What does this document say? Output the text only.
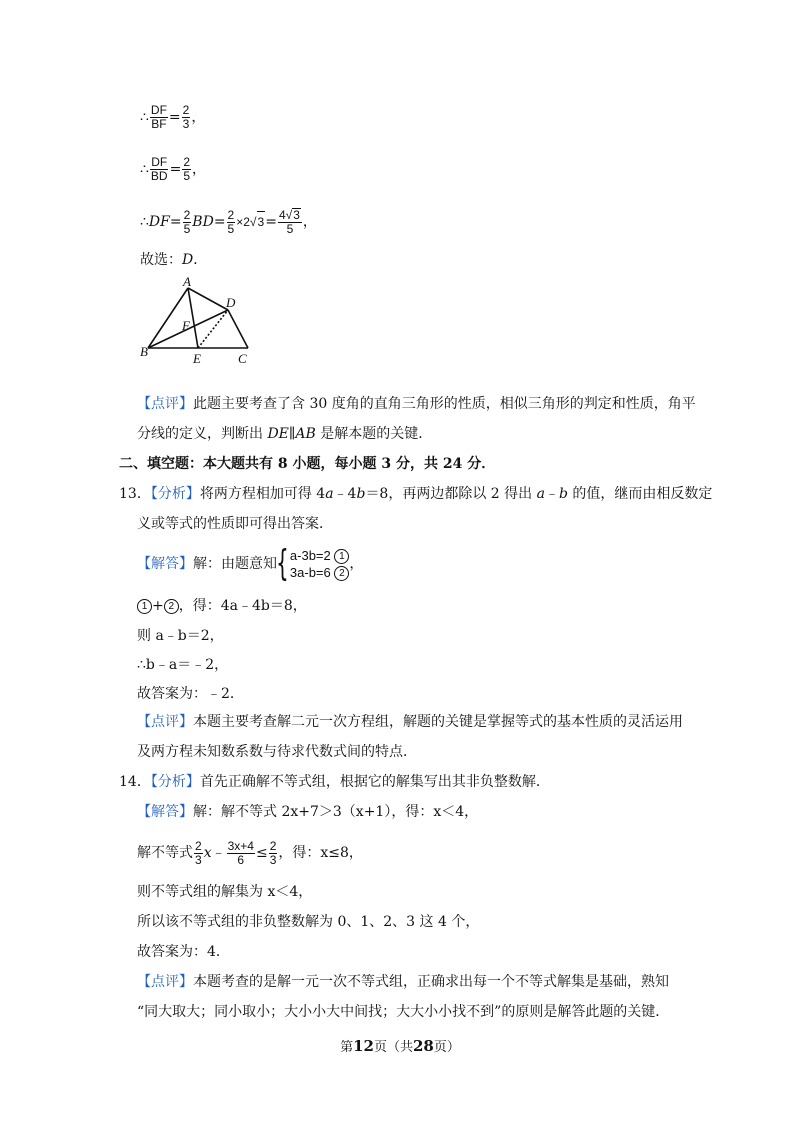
∴ $\frac{DF}{BF} = \frac{2}{3}$ ，
∴ $\frac{DF}{BD} = \frac{2}{5}$ ，
∴DF= $\frac{2}{5} BD= \frac{2}{5} \times 2√3= \frac{4√3}{5}$ ，
故选：D．
A
D
F
B	E	C
【点评】此题主要考查了含 30 度角的直角三角形的性质，相似三角形的判定和性质，角平
分线的定义，判断出 DE∥AB 是解本题的关键．
二、填空题：本大题共有 8 小题，每小题 3 分，共 24 分．
13．【分析】将两方程相加可得 4a﹣4b＝8，再两边都除以 2 得出 a﹣b 的值，继而由相反数定
义或等式的性质即可得出答案．
【解答】解：由题意知 { a-3b=2 1
3a-b=6 2
，
1 + 2 ，得：4a﹣4b＝8，
则 a﹣b＝2，
∴b﹣a＝﹣2，
故答案为：﹣2．
【点评】本题主要考查解二元一次方程组，解题的关键是掌握等式的基本性质的灵活运用
及两方程未知数系数与待求代数式间的特点．
14．【分析】首先正确解不等式组，根据它的解集写出其非负整数解．
【解答】解：解不等式 2x+7＞3（x+1），得：x＜4，
解不等式 $\frac{2}{3}$ x﹣ $\frac{3x+4}{6} \le \frac{2}{3}$ ，得：x≤8，
则不等式组的解集为 x＜4，
所以该不等式组的非负整数解为 0、1、2、3 这 4 个，
故答案为：4．
【点评】本题考查的是解一元一次不等式组，正确求出每一个不等式解集是基础，熟知
“同大取大；同小取小；大小小大中间找；大大小小找不到”的原则是解答此题的关键．
第12页（共28页）
